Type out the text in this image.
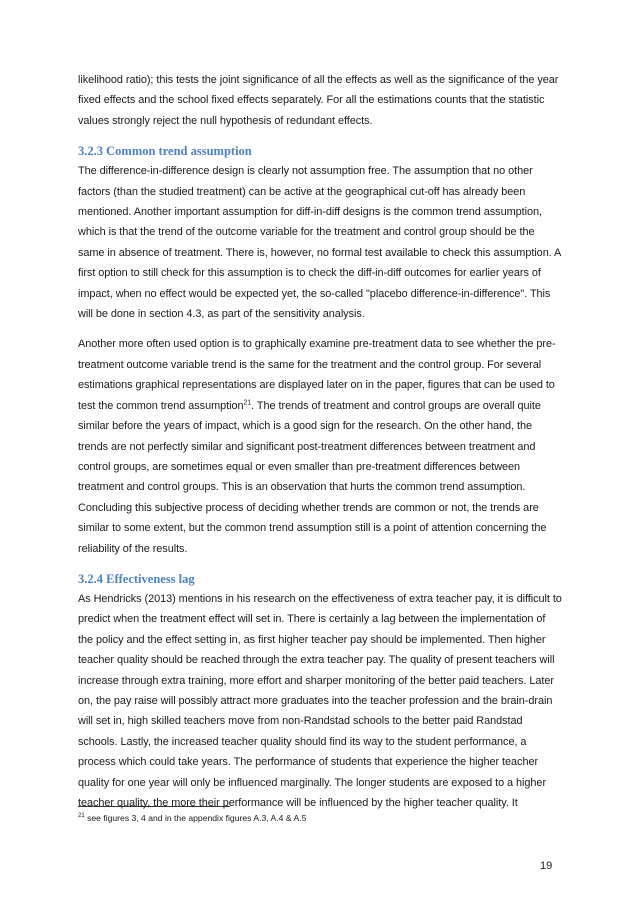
likelihood ratio); this tests the joint significance of all the effects as well as the significance of the year fixed effects and the school fixed effects separately. For all the estimations counts that the statistic values strongly reject the null hypothesis of redundant effects.

3.2.3 Common trend assumption

The difference-in-difference design is clearly not assumption free. The assumption that no other factors (than the studied treatment) can be active at the geographical cut-off has already been mentioned. Another important assumption for diff-in-diff designs is the common trend assumption, which is that the trend of the outcome variable for the treatment and control group should be the same in absence of treatment. There is, however, no formal test available to check this assumption. A first option to still check for this assumption is to check the diff-in-diff outcomes for earlier years of impact, when no effect would be expected yet, the so-called "placebo difference-in-difference". This will be done in section 4.3, as part of the sensitivity analysis.

Another more often used option is to graphically examine pre-treatment data to see whether the pre-treatment outcome variable trend is the same for the treatment and the control group. For several estimations graphical representations are displayed later on in the paper, figures that can be used to test the common trend assumption$^{21}$. The trends of treatment and control groups are overall quite similar before the years of impact, which is a good sign for the research. On the other hand, the trends are not perfectly similar and significant post-treatment differences between treatment and control groups, are sometimes equal or even smaller than pre-treatment differences between treatment and control groups. This is an observation that hurts the common trend assumption. Concluding this subjective process of deciding whether trends are common or not, the trends are similar to some extent, but the common trend assumption still is a point of attention concerning the reliability of the results.

3.2.4 Effectiveness lag

As Hendricks (2013) mentions in his research on the effectiveness of extra teacher pay, it is difficult to predict when the treatment effect will set in. There is certainly a lag between the implementation of the policy and the effect setting in, as first higher teacher pay should be implemented. Then higher teacher quality should be reached through the extra teacher pay. The quality of present teachers will increase through extra training, more effort and sharper monitoring of the better paid teachers. Later on, the pay raise will possibly attract more graduates into the teacher profession and the brain-drain will set in, high skilled teachers move from non-Randstad schools to the better paid Randstad schools. Lastly, the increased teacher quality should find its way to the student performance, a process which could take years. The performance of students that experience the higher teacher quality for one year will only be influenced marginally. The longer students are exposed to a higher teacher quality, the more their performance will be influenced by the higher teacher quality. It

$^{21}$ see figures 3, 4 and in the appendix figures A.3, A.4 & A.5
19
